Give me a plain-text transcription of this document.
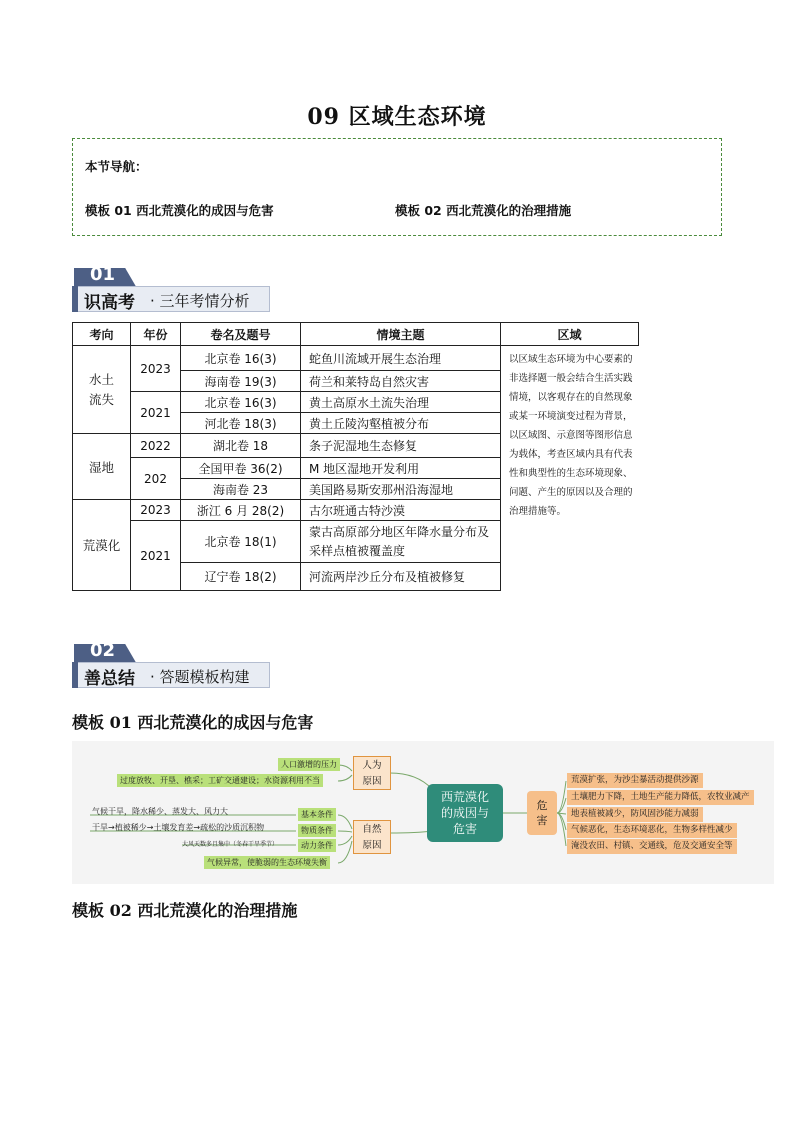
09 区域生态环境
本节导航：
模板 01 西北荒漠化的成因与危害	模板 02 西北荒漠化的治理措施
01
识高考 · 三年考情分析
考向	年份	卷名及题号	情境主题	区域
水土
流失	2023	北京卷 16(3)	蛇鱼川流域开展生态治理	以区域生态环境为中心要素的非选择题一般会结合生活实践情境，以客观存在的自然现象或某一环境演变过程为背景，以区域图、示意图等图形信息为载体，考查区域内具有代表性和典型性的生态环境现象、问题、产生的原因以及合理的治理措施等。
		海南卷 19(3)	荷兰和莱特岛自然灾害	
	2021	北京卷 16(3)	黄土高原水土流失治理	
		河北卷 18(3)	黄土丘陵沟壑植被分布	
湿地	2022	湖北卷 18	条子泥湿地生态修复	
	202	全国甲卷 36(2)	M 地区湿地开发利用	
		海南卷 23	美国路易斯安那州沿海湿地	
荒漠化	2023	浙江 6 月 28(2)	古尔班通古特沙漠	
	2021	北京卷 18(1)	蒙古高原部分地区年降水量分布及采样点植被覆盖度	
		辽宁卷 18(2)	河流两岸沙丘分布及植被修复	
02
善总结 · 答题模板构建
模板 01 西北荒漠化的成因与危害
人口激增的压力
过度放牧、开垦、樵采；工矿交通建设；水资源利用不当
人为
原因
气候干旱，降水稀少、蒸发大、风力大	基本条件
干旱→植被稀少→土壤发育差→疏松的沙质沉积物	物质条件
大风天数多且集中（冬春干旱季节）	动力条件
气候异常，使脆弱的生态环境失衡
自然
原因
西荒漠化
的成因与
危害
危
害
荒漠扩张，为沙尘暴活动提供沙源
土壤肥力下降，土地生产能力降低，农牧业减产
地表植被减少，防风固沙能力减弱
气候恶化，生态环境恶化，生物多样性减少
淹没农田、村镇、交通线，危及交通安全等
模板 02 西北荒漠化的治理措施
